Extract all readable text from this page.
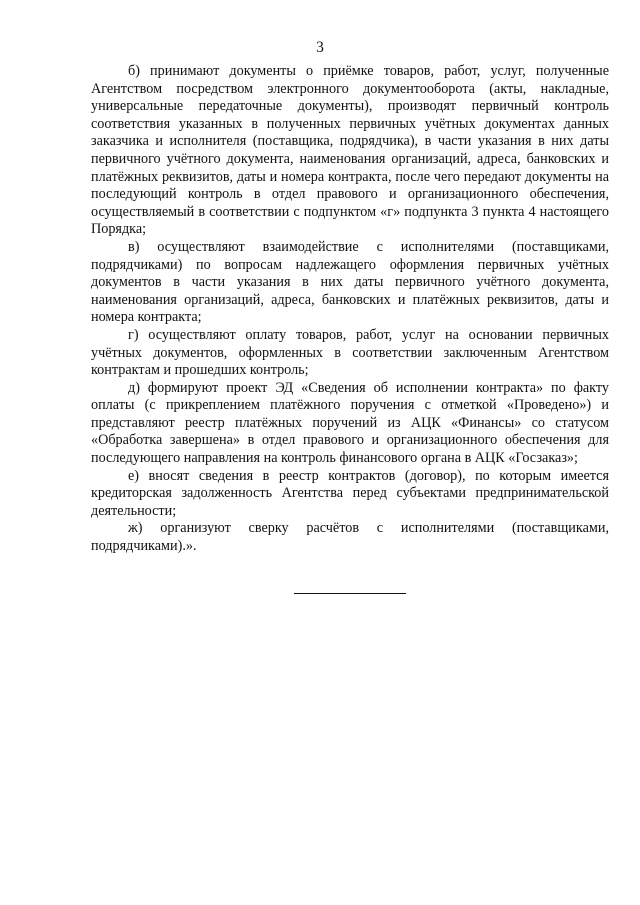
3

б) принимают документы о приёмке товаров, работ, услуг, полученные Агентством посредством электронного документооборота (акты, накладные, универсальные передаточные документы), производят первичный контроль соответствия указанных в полученных первичных учётных документах данных заказчика и исполнителя (поставщика, подрядчика), в части указания в них даты первичного учётного документа, наименования организаций, адреса, банковских и платёжных реквизитов, даты и номера контракта, после чего передают документы на последующий контроль в отдел правового и организационного обеспечения, осуществляемый в соответствии с подпунктом «г» подпункта 3 пункта 4 настоящего Порядка;

в) осуществляют взаимодействие с исполнителями (поставщиками, подрядчиками) по вопросам надлежащего оформления первичных учётных документов в части указания в них даты первичного учётного документа, наименования организаций, адреса, банковских и платёжных реквизитов, даты и номера контракта;

г) осуществляют оплату товаров, работ, услуг на основании первичных учётных документов, оформленных в соответствии заключенным Агентством контрактам и прошедших контроль;

д) формируют проект ЭД «Сведения об исполнении контракта» по факту оплаты (с прикреплением платёжного поручения с отметкой «Проведено») и представляют реестр платёжных поручений из АЦК «Финансы» со статусом «Обработка завершена» в отдел правового и организационного обеспечения для последующего направления на контроль финансового органа в АЦК «Госзаказ»;

е) вносят сведения в реестр контрактов (договор), по которым имеется кредиторская задолженность Агентства перед субъектами предпринимательской деятельности;

ж) организуют сверку расчётов с исполнителями (поставщиками, подрядчиками).».
